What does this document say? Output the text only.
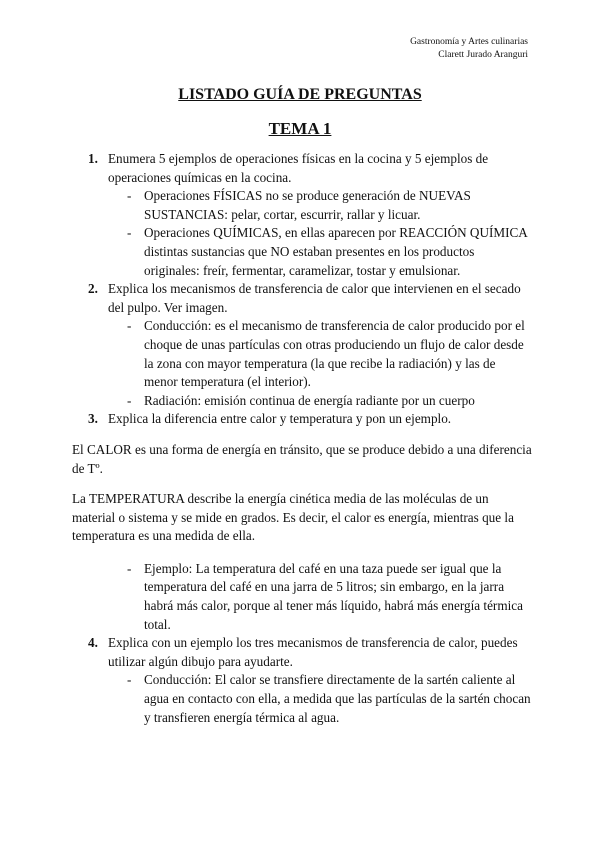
Gastronomía y Artes culinarias
Clarett Jurado Aranguri
LISTADO GUÍA DE PREGUNTAS
TEMA 1
1. Enumera 5 ejemplos de operaciones físicas en la cocina y 5 ejemplos de operaciones químicas en la cocina.
- Operaciones FÍSICAS no se produce generación de NUEVAS SUSTANCIAS: pelar, cortar, escurrir, rallar y licuar.
- Operaciones QUÍMICAS, en ellas aparecen por REACCIÓN QUÍMICA distintas sustancias que NO estaban presentes en los productos originales: freír, fermentar, caramelizar, tostar y emulsionar.
2. Explica los mecanismos de transferencia de calor que intervienen en el secado del pulpo. Ver imagen.
- Conducción: es el mecanismo de transferencia de calor producido por el choque de unas partículas con otras produciendo un flujo de calor desde la zona con mayor temperatura (la que recibe la radiación) y las de menor temperatura (el interior).
- Radiación: emisión continua de energía radiante por un cuerpo
3. Explica la diferencia entre calor y temperatura y pon un ejemplo.
El CALOR es una forma de energía en tránsito, que se produce debido a una diferencia de Tº.
La TEMPERATURA describe la energía cinética media de las moléculas de un material o sistema y se mide en grados. Es decir, el calor es energía, mientras que la temperatura es una medida de ella.
- Ejemplo: La temperatura del café en una taza puede ser igual que la temperatura del café en una jarra de 5 litros; sin embargo, en la jarra habrá más calor, porque al tener más líquido, habrá más energía térmica total.
4. Explica con un ejemplo los tres mecanismos de transferencia de calor, puedes utilizar algún dibujo para ayudarte.
- Conducción: El calor se transfiere directamente de la sartén caliente al agua en contacto con ella, a medida que las partículas de la sartén chocan y transfieren energía térmica al agua.
